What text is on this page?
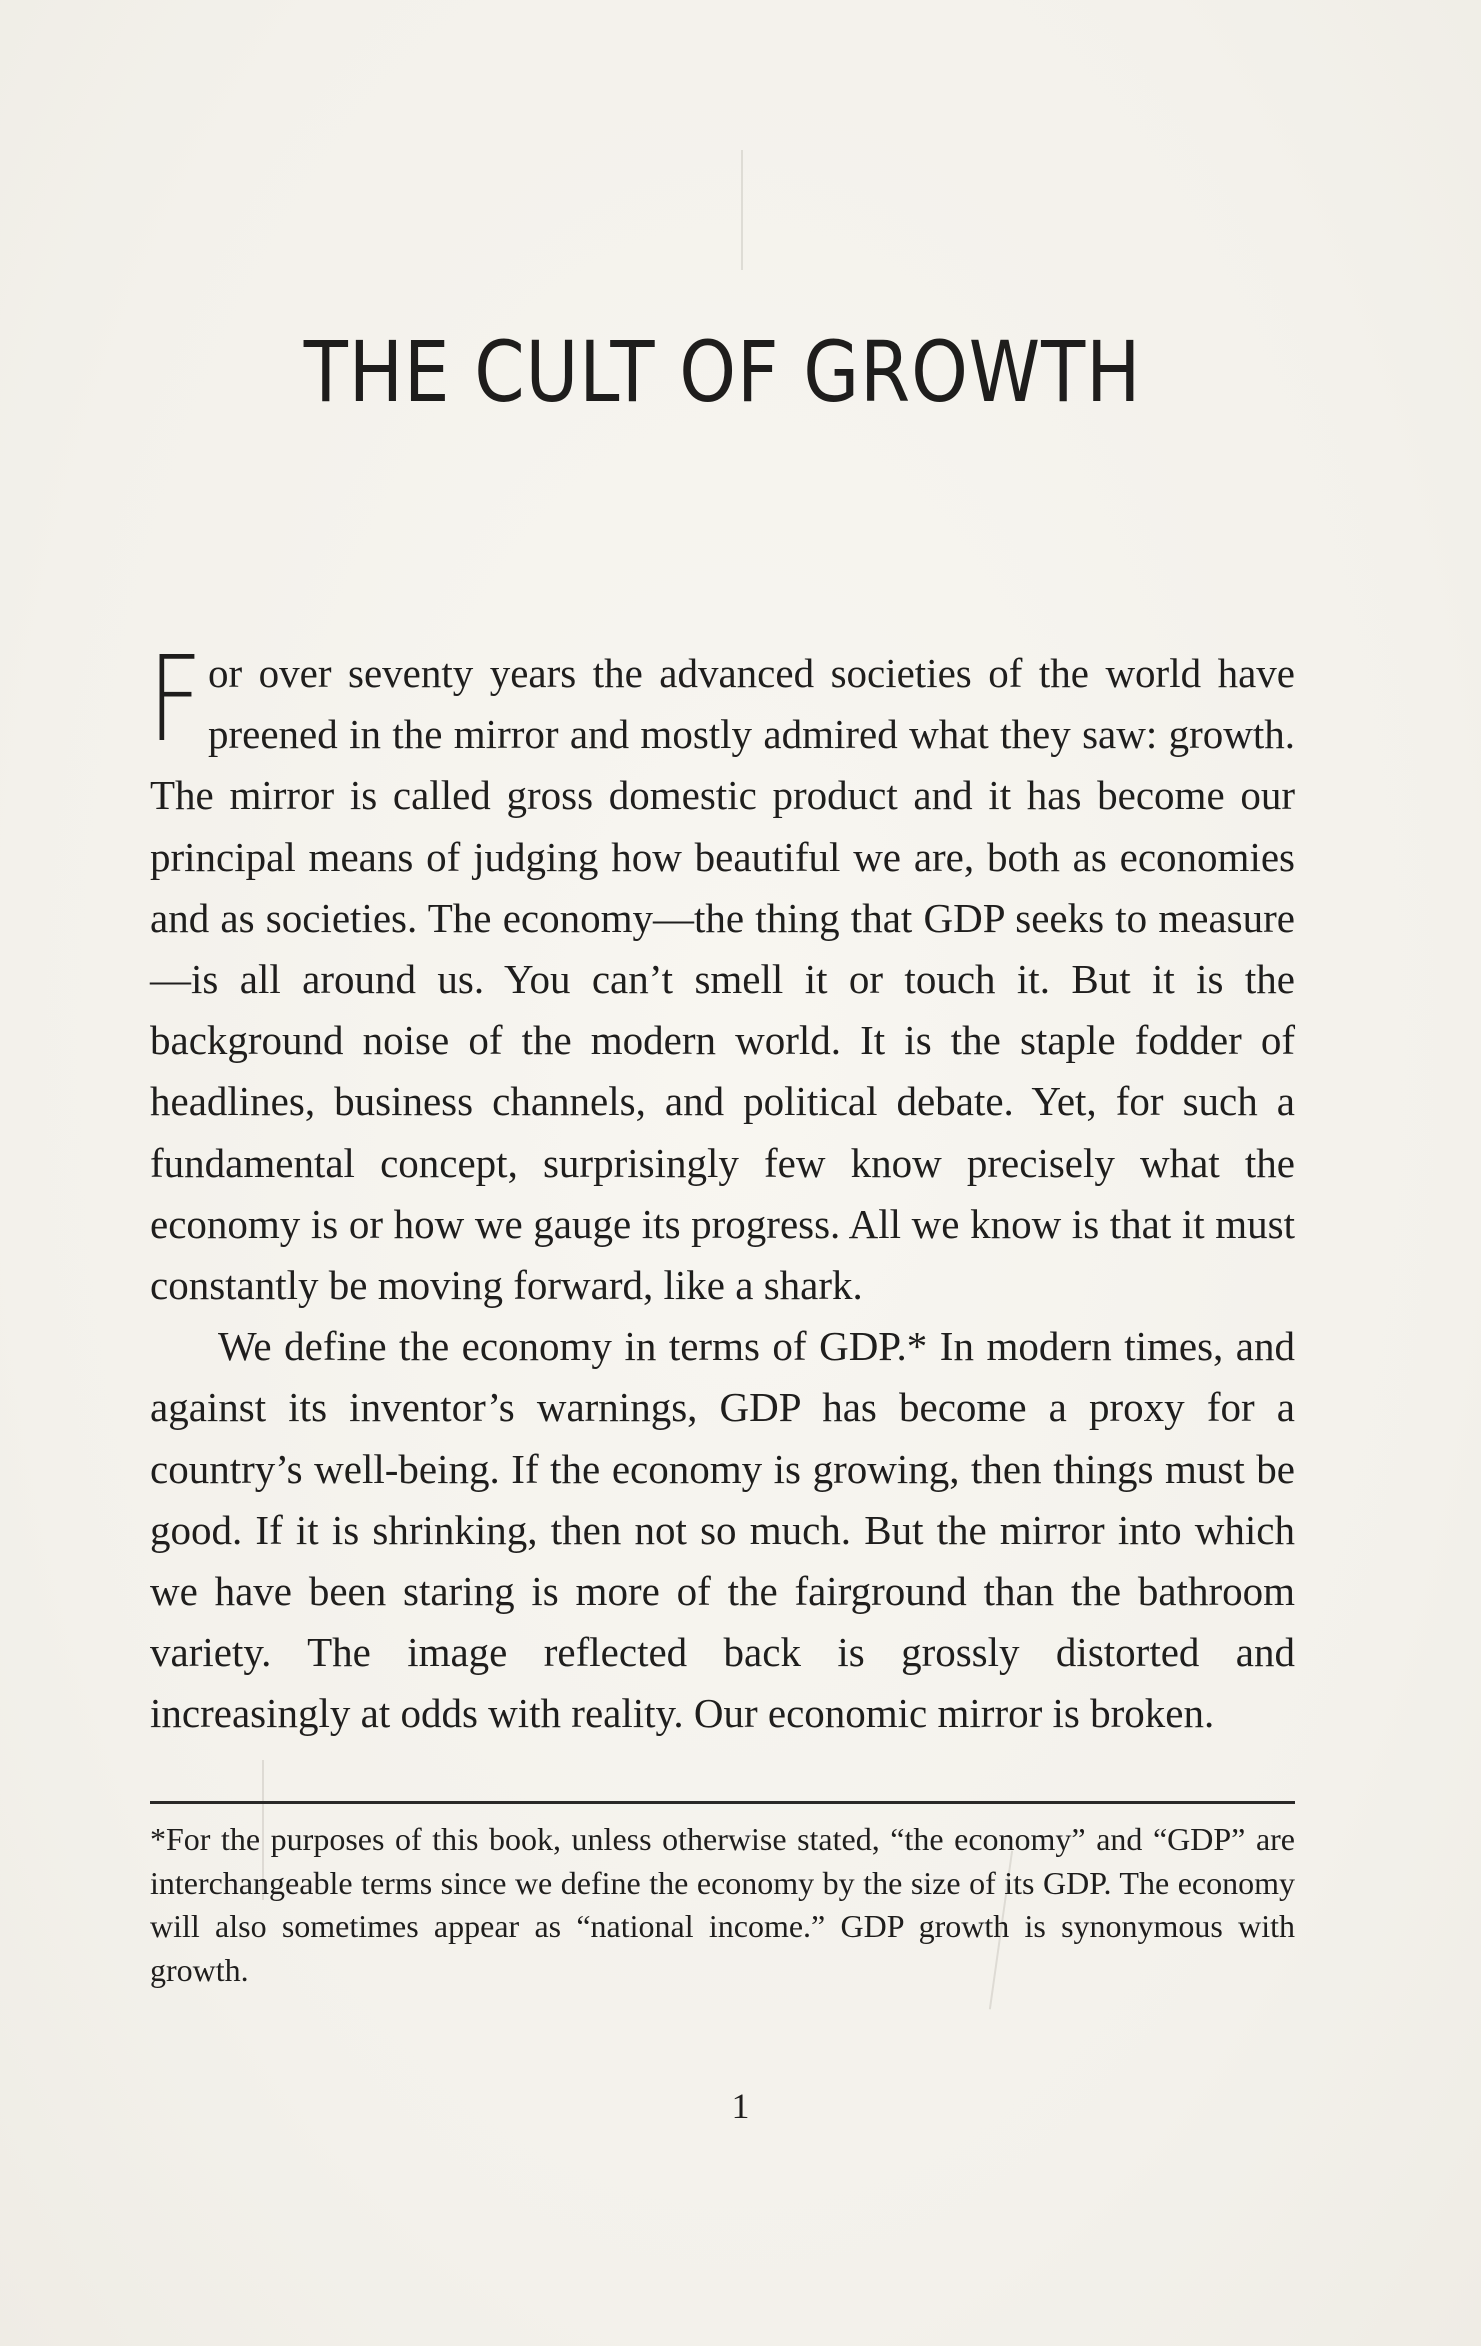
THE CULT OF GROWTH

For over seventy years the advanced societies of the world have preened in the mirror and mostly admired what they saw: growth. The mirror is called gross domestic product and it has become our principal means of judging how beautiful we are, both as economies and as societies. The economy—the thing that GDP seeks to measure—is all around us. You can’t smell it or touch it. But it is the background noise of the modern world. It is the staple fodder of headlines, business channels, and political debate. Yet, for such a fundamental concept, surprisingly few know precisely what the economy is or how we gauge its progress. All we know is that it must constantly be moving forward, like a shark.

We define the economy in terms of GDP.* In modern times, and against its inventor’s warnings, GDP has become a proxy for a country’s well-being. If the economy is growing, then things must be good. If it is shrinking, then not so much. But the mirror into which we have been staring is more of the fairground than the bathroom variety. The image reflected back is grossly distorted and increasingly at odds with reality. Our economic mirror is broken.

*For the purposes of this book, unless otherwise stated, “the economy” and “GDP” are interchangeable terms since we define the economy by the size of its GDP. The economy will also sometimes appear as “national income.” GDP growth is synonymous with growth.

1
